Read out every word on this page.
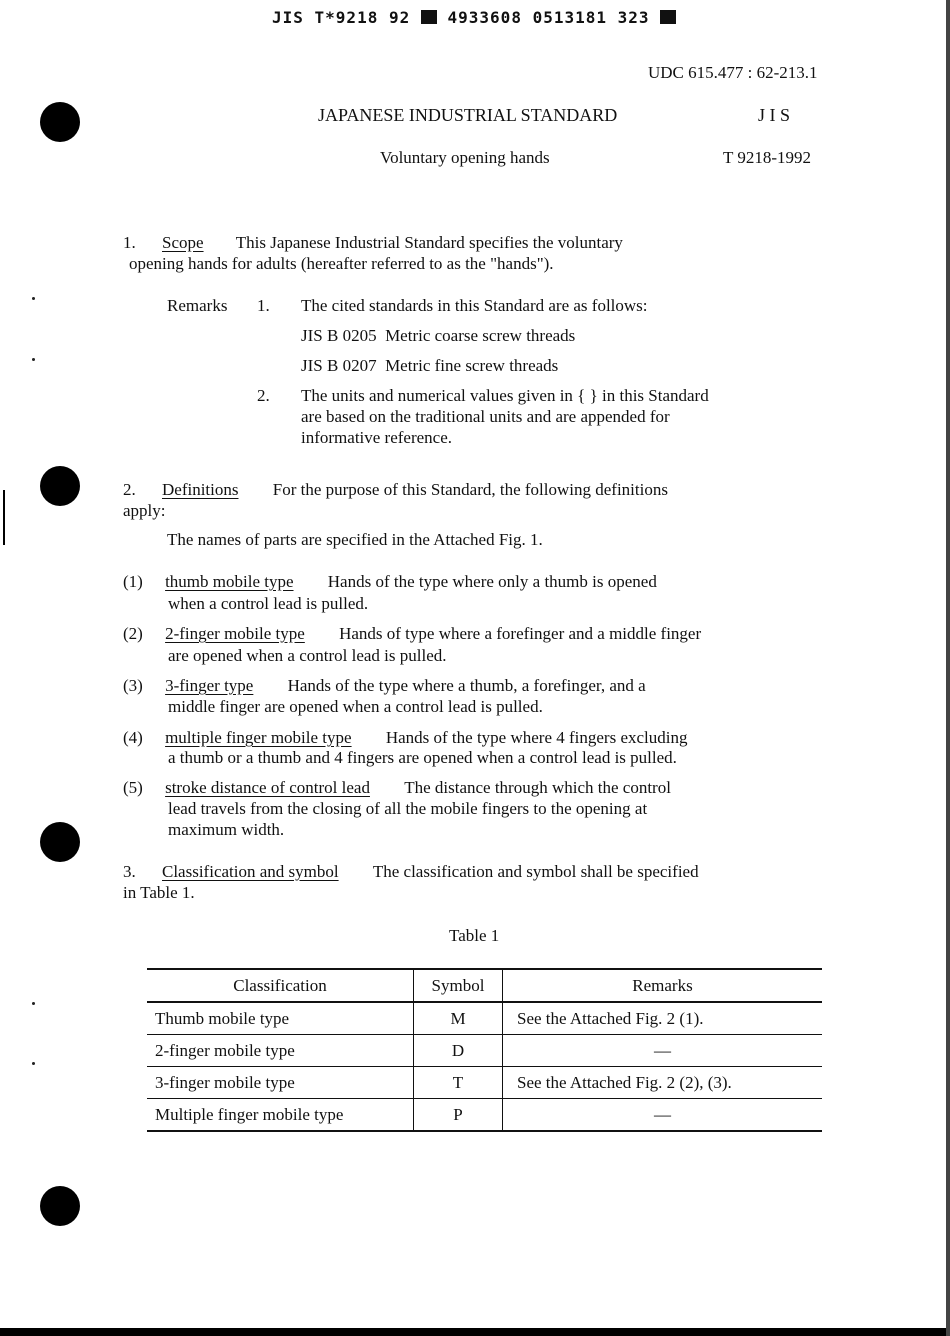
JIS T*9218 92 4933608 0513181 323
UDC 615.477 : 62-213.1
JAPANESE INDUSTRIAL STANDARD	J I S
Voluntary opening hands	T 9218-1992
1. Scope This Japanese Industrial Standard specifies the voluntary
opening hands for adults (hereafter referred to as the "hands").
Remarks 1. The cited standards in this Standard are as follows:
JIS B 0205  Metric coarse screw threads
JIS B 0207  Metric fine screw threads
2. The units and numerical values given in { } in this Standard
are based on the traditional units and are appended for
informative reference.
2. Definitions For the purpose of this Standard, the following definitions
apply:
The names of parts are specified in the Attached Fig. 1.
(1) thumb mobile type Hands of the type where only a thumb is opened
when a control lead is pulled.
(2) 2-finger mobile type Hands of type where a forefinger and a middle finger
are opened when a control lead is pulled.
(3) 3-finger type Hands of the type where a thumb, a forefinger, and a
middle finger are opened when a control lead is pulled.
(4) multiple finger mobile type Hands of the type where 4 fingers excluding
a thumb or a thumb and 4 fingers are opened when a control lead is pulled.
(5) stroke distance of control lead The distance through which the control
lead travels from the closing of all the mobile fingers to the opening at
maximum width.
3. Classification and symbol The classification and symbol shall be specified
in Table 1.
Table 1
Classification	Symbol	Remarks
Thumb mobile type	M	See the Attached Fig. 2 (1).
2-finger mobile type	D	—
3-finger mobile type	T	See the Attached Fig. 2 (2), (3).
Multiple finger mobile type	P	—
